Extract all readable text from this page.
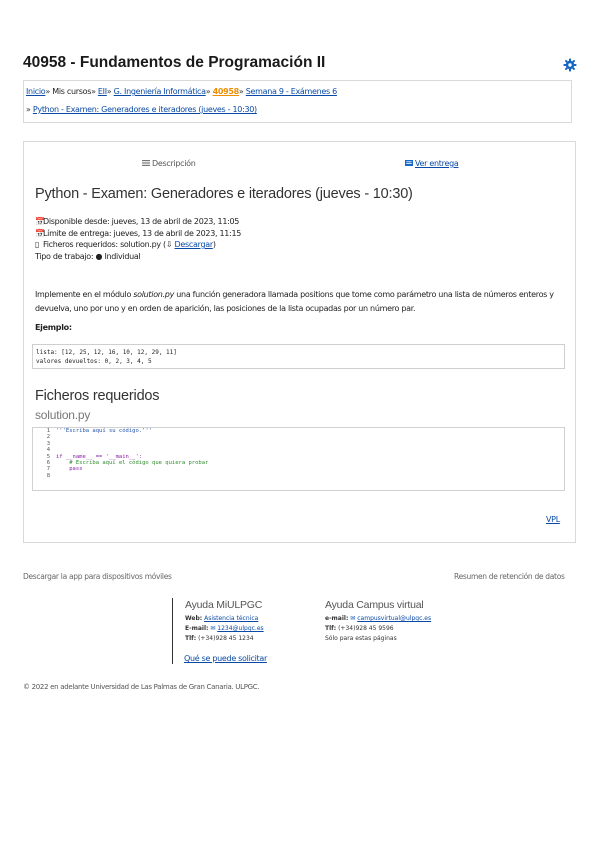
40958 - Fundamentos de Programación II
Inicio» Mis cursos» EII» G. Ingeniería Informática» 40958» Semana 9 - Exámenes 6
» Python - Examen: Generadores e iteradores (jueves - 10:30)
Descripción	Ver entrega
Python - Examen: Generadores e iteradores (jueves - 10:30)
📅Disponible desde: jueves, 13 de abril de 2023, 11:05
📅Límite de entrega: jueves, 13 de abril de 2023, 11:15
▯ Ficheros requeridos: solution.py (⇩ Descargar)
Tipo de trabajo: ● Individual
Implemente en el módulo solution.py una función generadora llamada positions que tome como parámetro una lista de números enteros y devuelva, uno por uno y en orden de aparición, las posiciones de la lista ocupadas por un número par.
Ejemplo:
lista: [12, 25, 12, 16, 10, 12, 29, 11]
valores devueltos: 0, 2, 3, 4, 5
Ficheros requeridos
solution.py
1	'''Escriba aquí su código.'''
2
3
4
5	if __name__ == '__main__':
6	# Escriba aquí el código que quiera probar
7	pass
8
VPL
Descargar la app para dispositivos móviles	Resumen de retención de datos
Ayuda MiULPGC
Web: Asistencia técnica
E-mail: ✉ 1234@ulpgc.es
Tlf: (+34)928 45 1234
Ayuda Campus virtual
e-mail: ✉ campusvirtual@ulpgc.es
Tlf: (+34)928 45 9596
Sólo para estas páginas
Qué se puede solicitar
© 2022 en adelante Universidad de Las Palmas de Gran Canaria. ULPGC.
